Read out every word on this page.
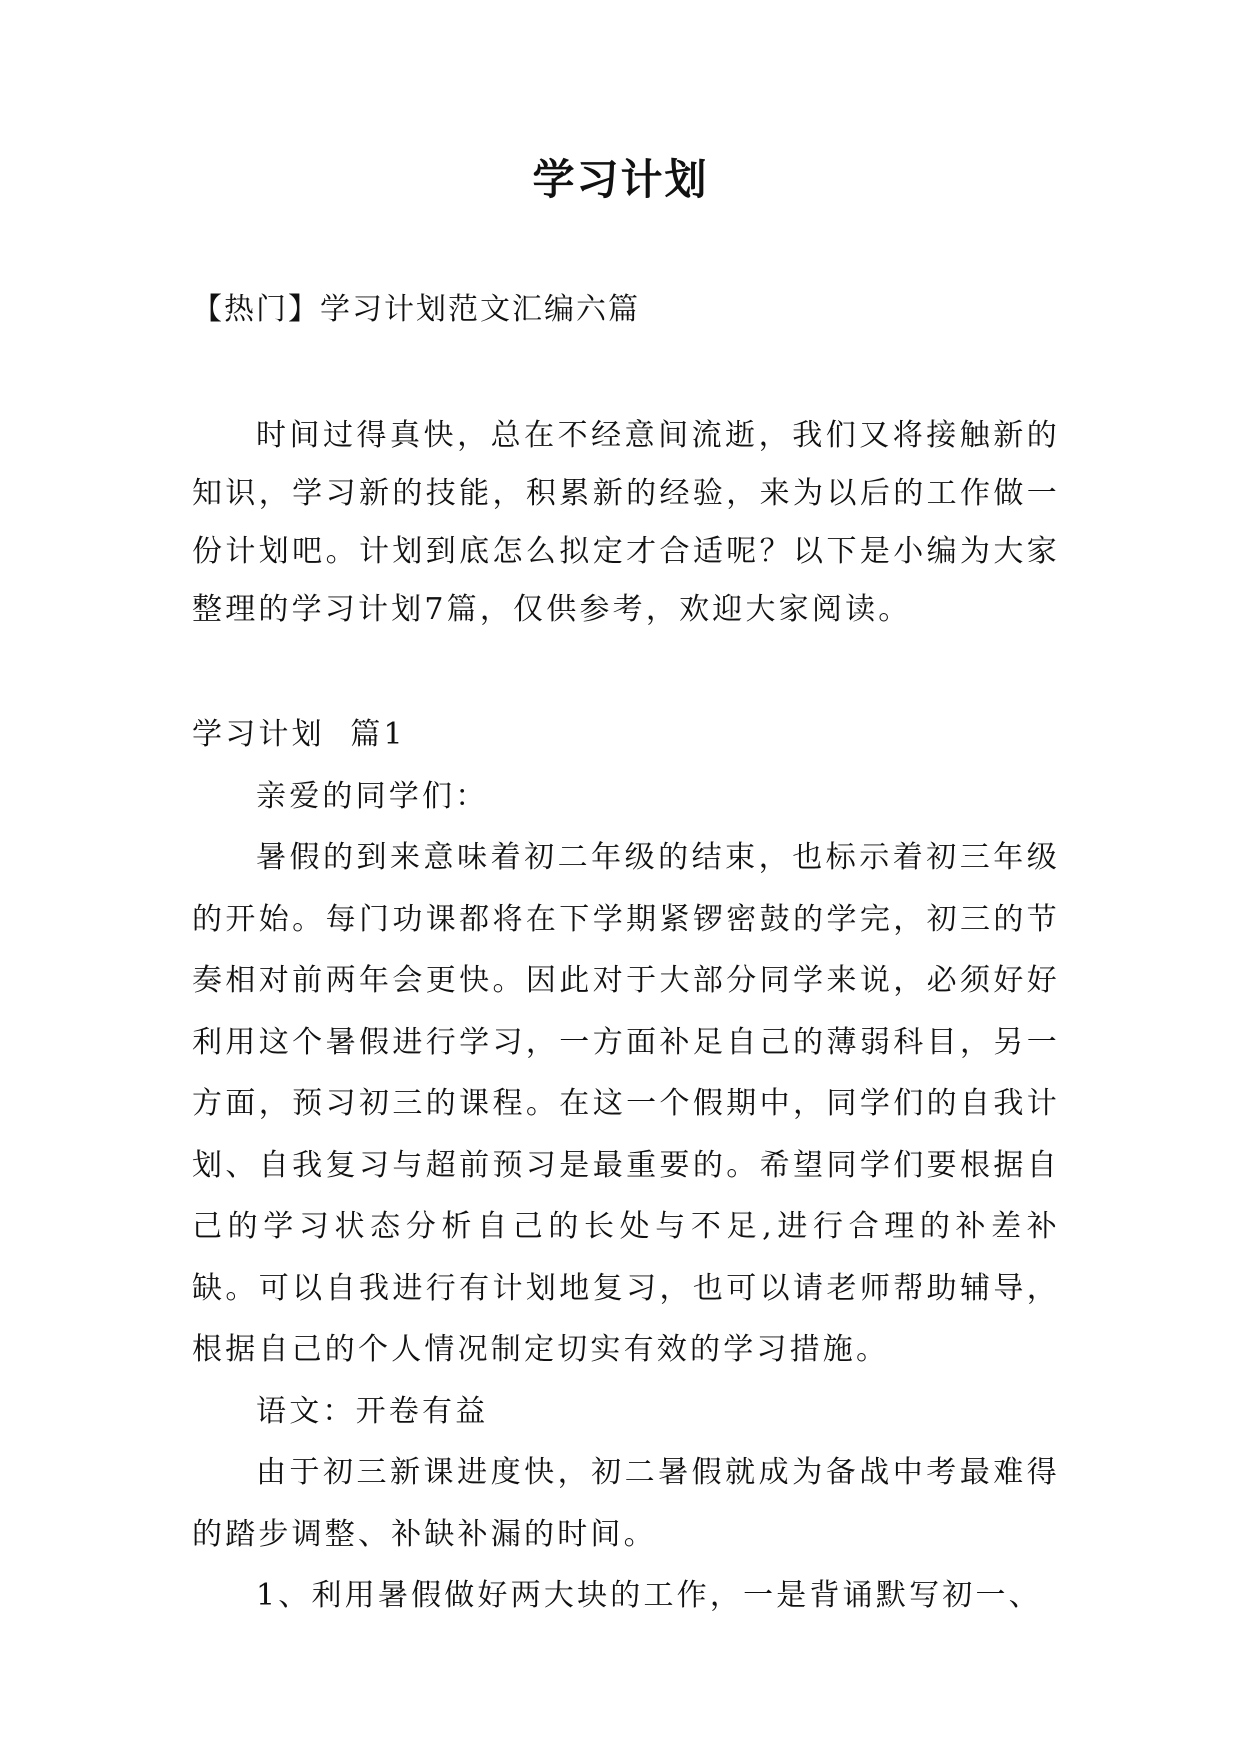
学习计划
【热门】学习计划范文汇编六篇

时间过得真快，总在不经意间流逝，我们又将接触新的知识，学习新的技能，积累新的经验，来为以后的工作做一份计划吧。计划到底怎么拟定才合适呢？以下是小编为大家整理的学习计划7篇，仅供参考，欢迎大家阅读。

学习计划  篇1

亲爱的同学们：

暑假的到来意味着初二年级的结束，也标示着初三年级的开始。每门功课都将在下学期紧锣密鼓的学完，初三的节奏相对前两年会更快。因此对于大部分同学来说，必须好好利用这个暑假进行学习，一方面补足自己的薄弱科目，另一方面，预习初三的课程。在这一个假期中，同学们的自我计划、自我复习与超前预习是最重要的。希望同学们要根据自己的学习状态分析自己的长处与不足,进行合理的补差补缺。可以自我进行有计划地复习，也可以请老师帮助辅导，根据自己的个人情况制定切实有效的学习措施。

语文：开卷有益

由于初三新课进度快，初二暑假就成为备战中考最难得的踏步调整、补缺补漏的时间。

1、利用暑假做好两大块的工作，一是背诵默写初一、
